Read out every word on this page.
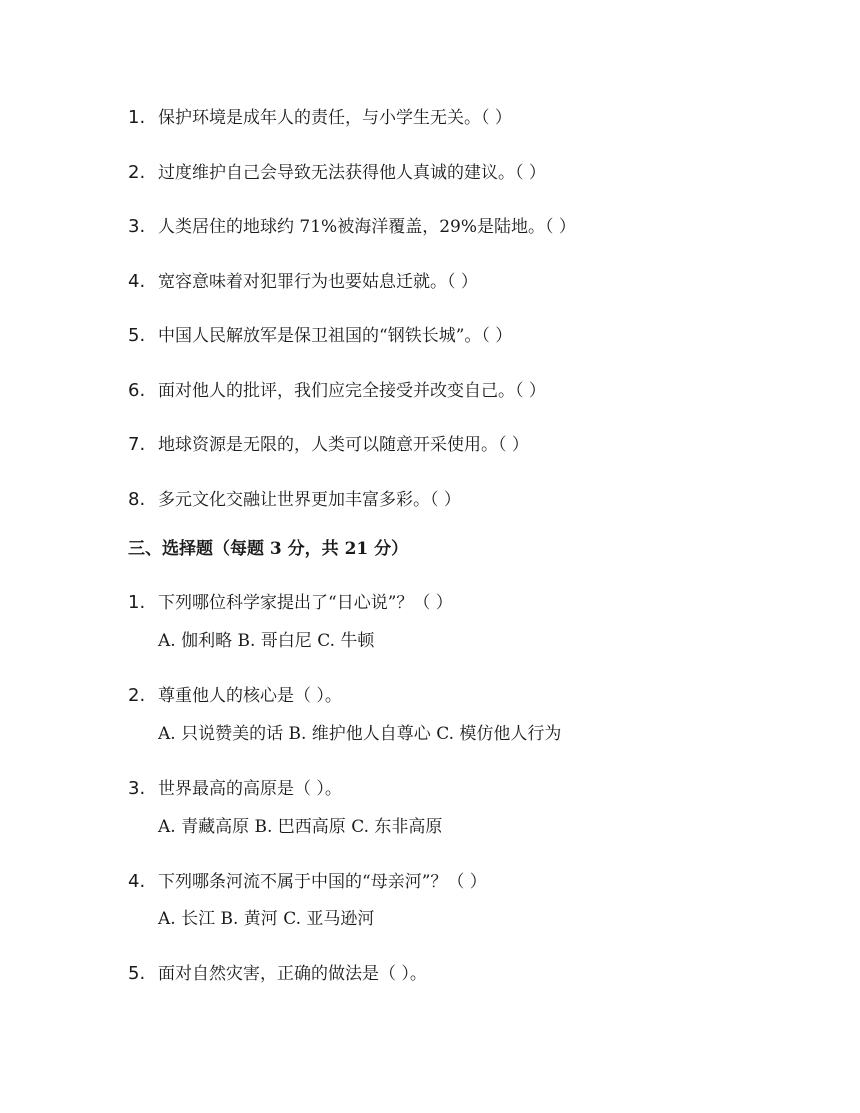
1. 保护环境是成年人的责任，与小学生无关。（ ）
2. 过度维护自己会导致无法获得他人真诚的建议。（ ）
3. 人类居住的地球约 71%被海洋覆盖，29%是陆地。（ ）
4. 宽容意味着对犯罪行为也要姑息迁就。（ ）
5. 中国人民解放军是保卫祖国的“钢铁长城”。（ ）
6. 面对他人的批评，我们应完全接受并改变自己。（ ）
7. 地球资源是无限的，人类可以随意开采使用。（ ）
8. 多元文化交融让世界更加丰富多彩。（ ）
三、选择题（每题 3 分，共 21 分）
1. 下列哪位科学家提出了“日心说”？（ ）
A. 伽利略 B. 哥白尼 C. 牛顿
2. 尊重他人的核心是（ ）。
A. 只说赞美的话 B. 维护他人自尊心 C. 模仿他人行为
3. 世界最高的高原是（ ）。
A. 青藏高原 B. 巴西高原 C. 东非高原
4. 下列哪条河流不属于中国的“母亲河”？（ ）
A. 长江 B. 黄河 C. 亚马逊河
5. 面对自然灾害，正确的做法是（ ）。
